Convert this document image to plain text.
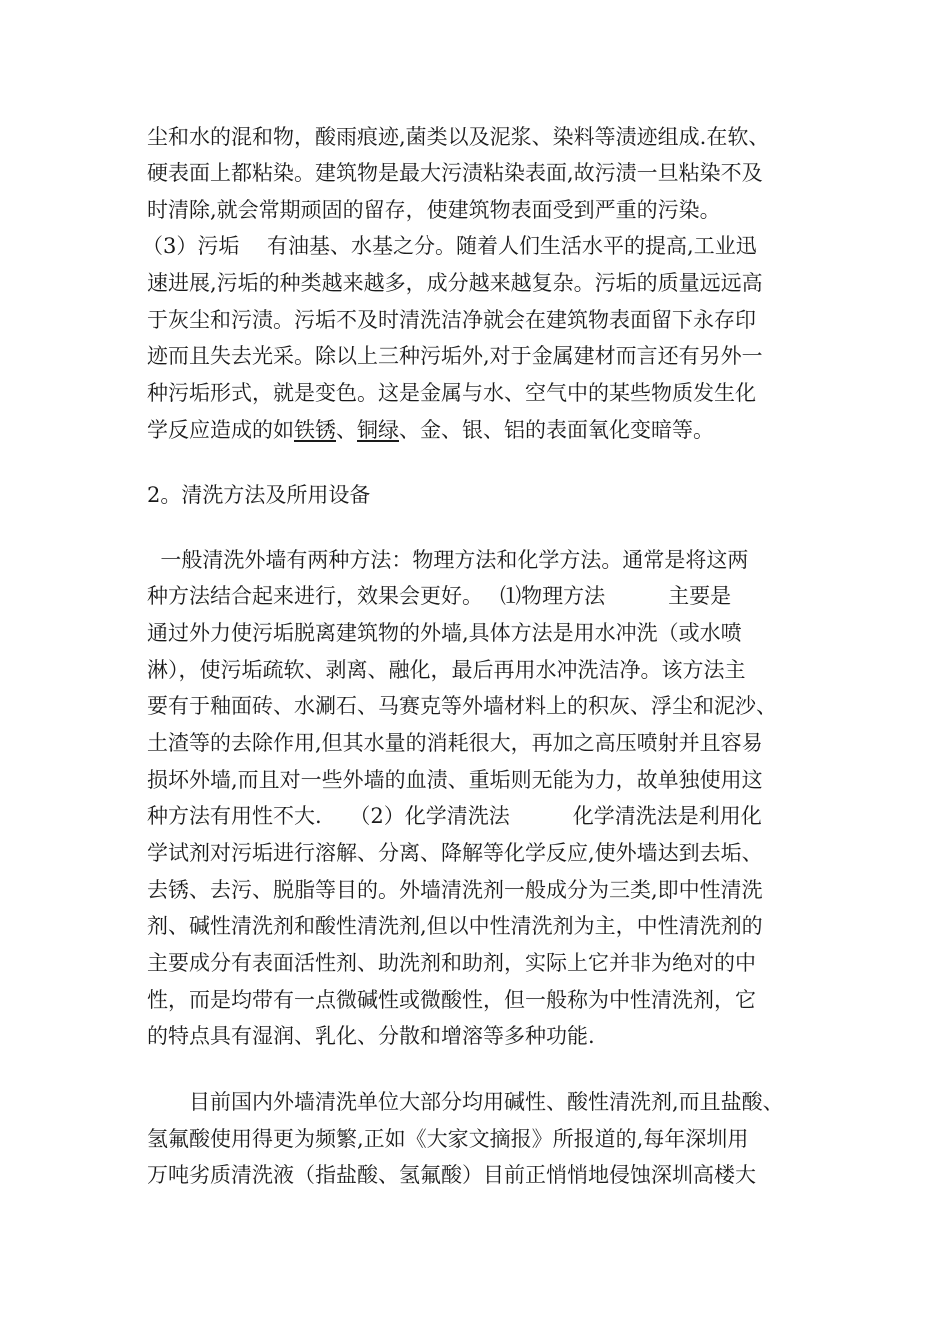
尘和水的混和物，酸雨痕迹,菌类以及泥浆、染料等渍迹组成.在软、
硬表面上都粘染。建筑物是最大污渍粘染表面,故污渍一旦粘染不及
时清除,就会常期顽固的留存，使建筑物表面受到严重的污染。
（3）污垢　 有油基、水基之分。随着人们生活水平的提高,工业迅
速进展,污垢的种类越来越多，成分越来越复杂。污垢的质量远远高
于灰尘和污渍。污垢不及时清洗洁净就会在建筑物表面留下永存印
迹而且失去光采。除以上三种污垢外,对于金属建材而言还有另外一
种污垢形式，就是变色。这是金属与水、空气中的某些物质发生化
学反应造成的如铁锈、铜绿、金、银、铝的表面氧化变暗等。
2。清洗方法及所用设备
一般清洗外墙有两种方法：物理方法和化学方法。通常是将这两
种方法结合起来进行，效果会更好。　 ⑴物理方法　　　主要是
通过外力使污垢脱离建筑物的外墙,具体方法是用水冲洗（或水喷
淋），使污垢疏软、剥离、融化，最后再用水冲洗洁净。该方法主
要有于釉面砖、水涮石、马赛克等外墙材料上的积灰、浮尘和泥沙、
土渣等的去除作用,但其水量的消耗很大，再加之高压喷射并且容易
损坏外墙,而且对一些外墙的血渍、重垢则无能为力，故单独使用这
种方法有用性不大.　 （2）化学清洗法　　　化学清洗法是利用化
学试剂对污垢进行溶解、分离、降解等化学反应,使外墙达到去垢、
去锈、去污、脱脂等目的。外墙清洗剂一般成分为三类,即中性清洗
剂、碱性清洗剂和酸性清洗剂,但以中性清洗剂为主，中性清洗剂的
主要成分有表面活性剂、助洗剂和助剂，实际上它并非为绝对的中
性，而是均带有一点微碱性或微酸性，但一般称为中性清洗剂，它
的特点具有湿润、乳化、分散和增溶等多种功能.
　　目前国内外墙清洗单位大部分均用碱性、酸性清洗剂,而且盐酸、
氢氟酸使用得更为频繁,正如《大家文摘报》所报道的,每年深圳用
万吨劣质清洗液（指盐酸、氢氟酸）目前正悄悄地侵蚀深圳高楼大
